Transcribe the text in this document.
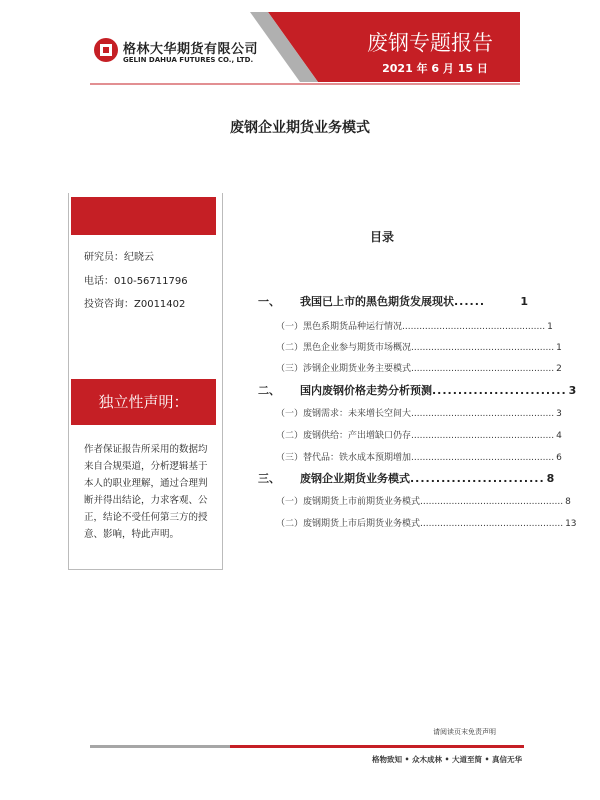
格林大华期货有限公司
GELIN DAHUA FUTURES CO., LTD.
废钢专题报告
2021 年 6 月 15 日
废钢企业期货业务模式
研究员：纪晓云
电话：010-56711796
投资咨询：Z0011402
独立性声明：
作者保证报告所采用的数据均来自合规渠道，分析逻辑基于本人的职业理解，通过合理判断并得出结论，力求客观、公正，结论不受任何第三方的授意、影响，特此声明。
目录
一、	我国已上市的黑色期货发展现状 ......	1
（一） 黑色系期货品种运行情况 .................................................. 1
（二） 黑色企业参与期货市场概况 .................................................. 1
（三） 涉钢企业期货业务主要模式 .................................................. 2
二、	国内废钢价格走势分析预测 .......................... 3
（一） 废钢需求：未来增长空间大 .................................................. 3
（二） 废钢供给：产出增缺口仍存 .................................................. 4
（三） 替代品：铁水成本预期增加 .................................................. 6
三、	废钢企业期货业务模式 .......................... 8
（一） 废钢期货上市前期货业务模式 .................................................. 8
（二） 废钢期货上市后期货业务模式 .................................................. 13
请阅读页末免责声明
格物致知 • 众木成林 • 大道至简 • 真信无华
